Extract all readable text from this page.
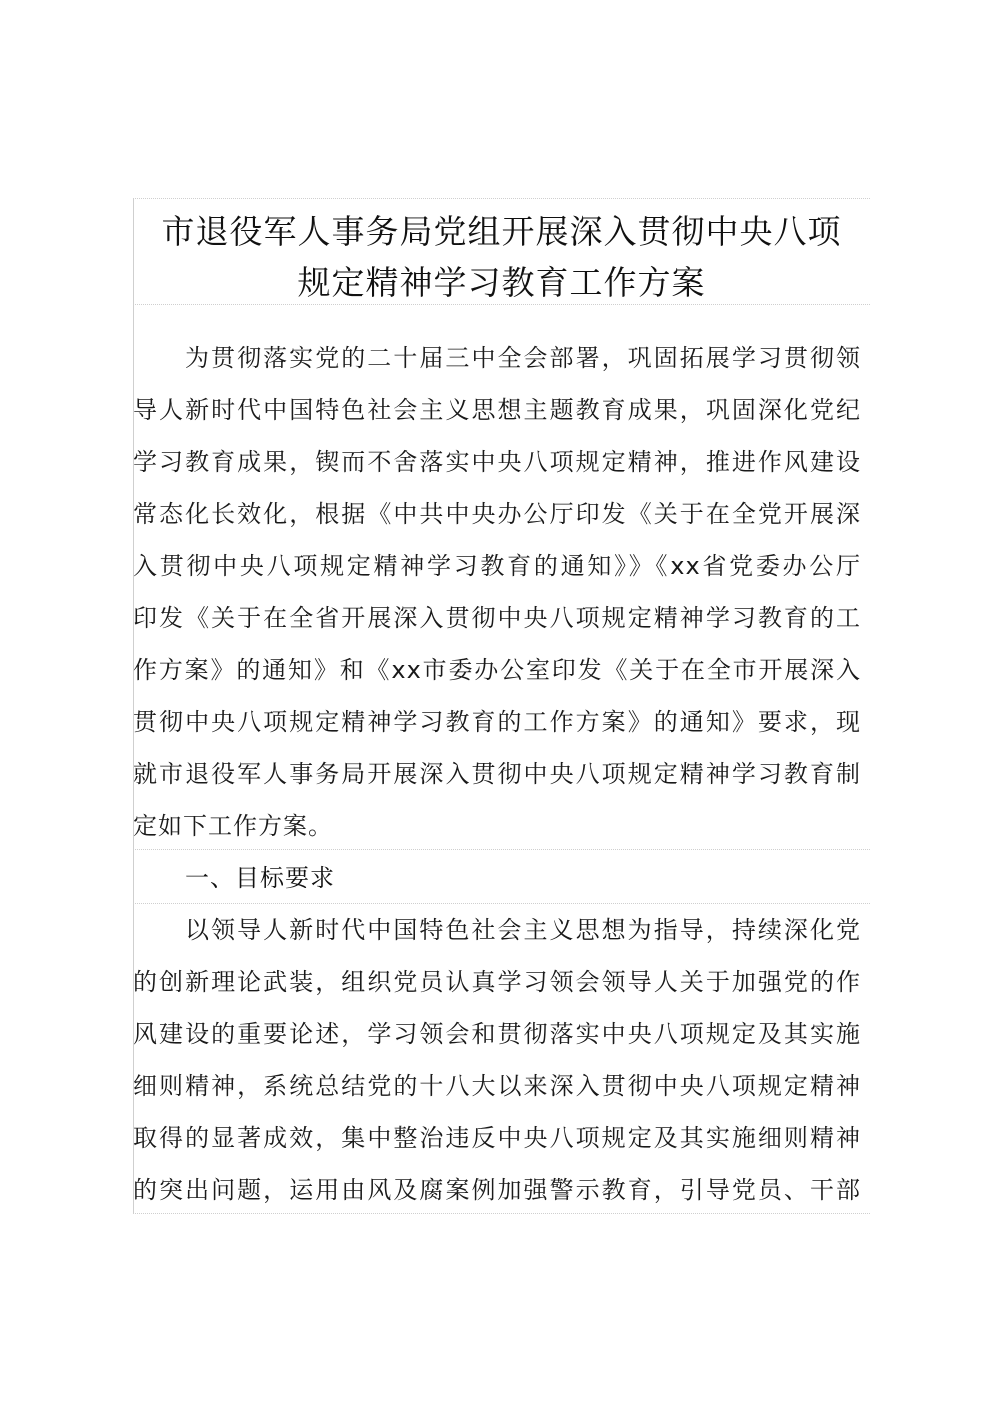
市退役军人事务局党组开展深入贯彻中央八项
规定精神学习教育工作方案
为贯彻落实党的二十届三中全会部署，巩固拓展学习贯彻领
导人新时代中国特色社会主义思想主题教育成果，巩固深化党纪
学习教育成果，锲而不舍落实中央八项规定精神，推进作风建设
常态化长效化，根据《中共中央办公厅印发《关于在全党开展深
入贯彻中央八项规定精神学习教育的通知》》《xx省党委办公厅
印发《关于在全省开展深入贯彻中央八项规定精神学习教育的工
作方案》的通知》和《xx市委办公室印发《关于在全市开展深入
贯彻中央八项规定精神学习教育的工作方案》的通知》要求，现
就市退役军人事务局开展深入贯彻中央八项规定精神学习教育制
定如下工作方案。
一、目标要求
以领导人新时代中国特色社会主义思想为指导，持续深化党
的创新理论武装，组织党员认真学习领会领导人关于加强党的作
风建设的重要论述，学习领会和贯彻落实中央八项规定及其实施
细则精神，系统总结党的十八大以来深入贯彻中央八项规定精神
取得的显著成效，集中整治违反中央八项规定及其实施细则精神
的突出问题，运用由风及腐案例加强警示教育，引导党员、干部
